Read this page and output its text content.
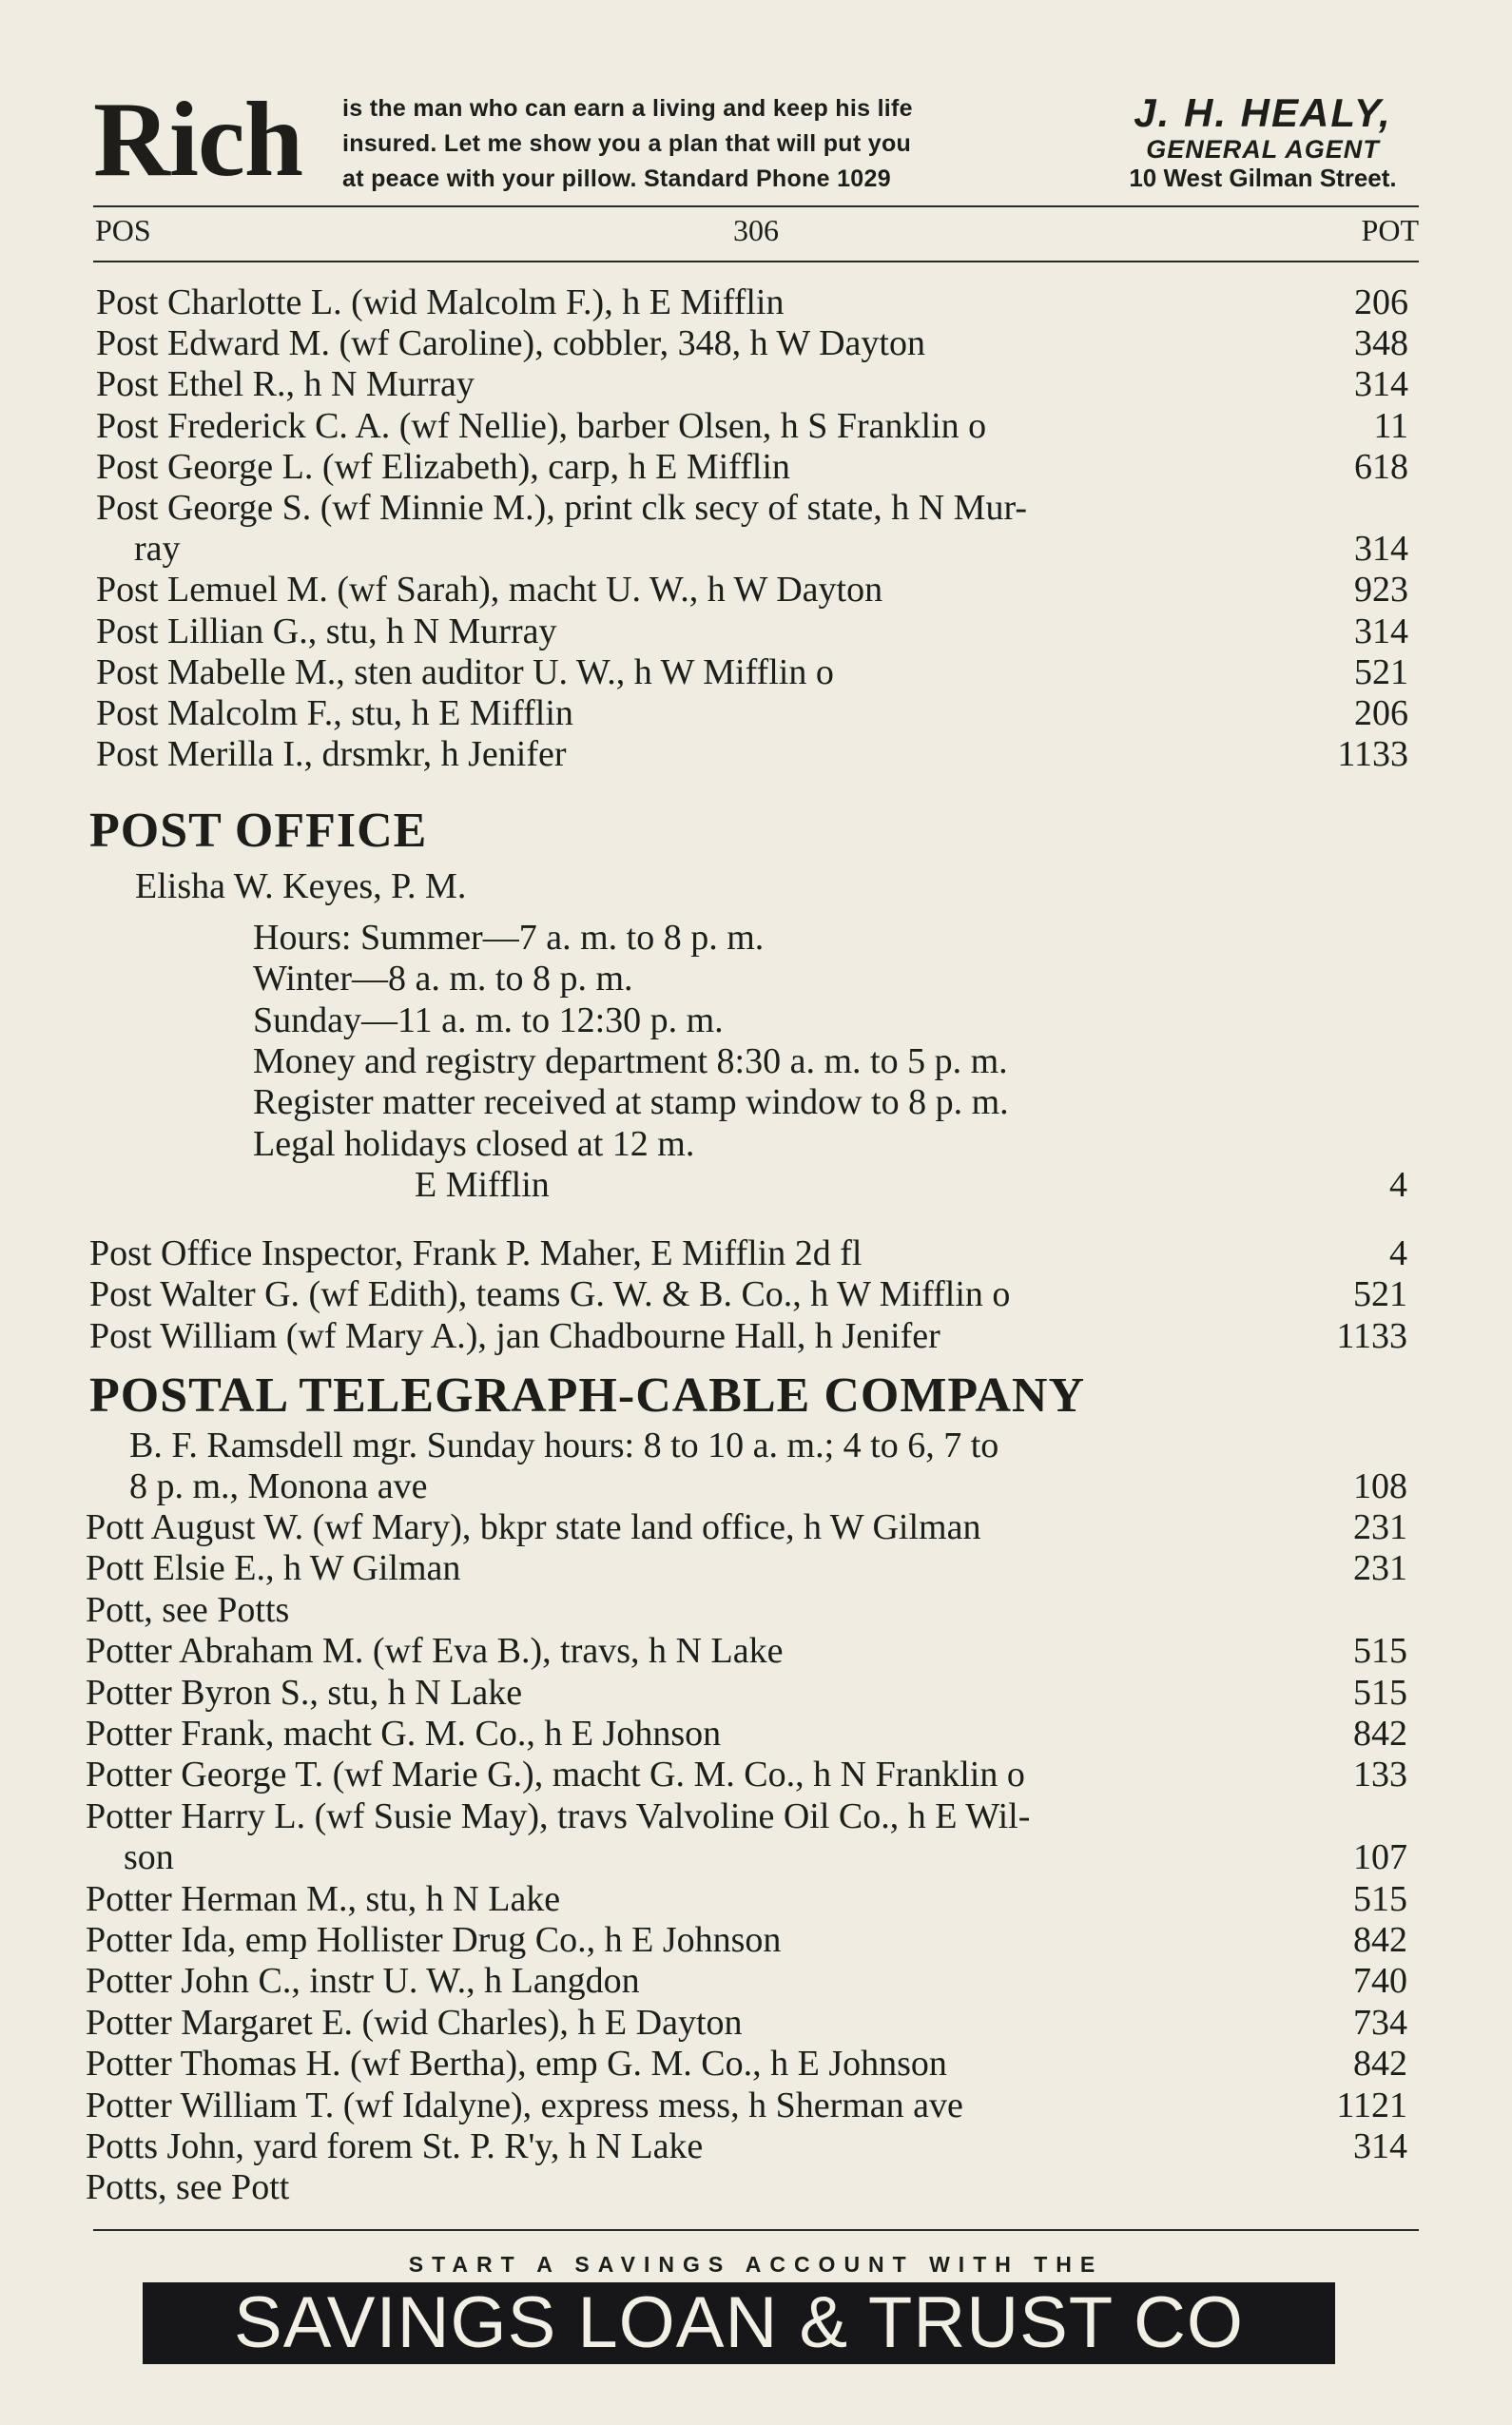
Rich is the man who can earn a living and keep his life
insured. Let me show you a plan that will put you
at peace with your pillow. Standard Phone 1029
J. H. HEALY,
GENERAL AGENT
10 West Gilman Street.
POS	306	POT
Post Charlotte L. (wid Malcolm F.), h E Mifflin	206
Post Edward M. (wf Caroline), cobbler, 348, h W Dayton	348
Post Ethel R., h N Murray	314
Post Frederick C. A. (wf Nellie), barber Olsen, h S Franklin o	11
Post George L. (wf Elizabeth), carp, h E Mifflin	618
Post George S. (wf Minnie M.), print clk secy of state, h N Mur-
ray	314
Post Lemuel M. (wf Sarah), macht U. W., h W Dayton	923
Post Lillian G., stu, h N Murray	314
Post Mabelle M., sten auditor U. W., h W Mifflin o	521
Post Malcolm F., stu, h E Mifflin	206
Post Merilla I., drsmkr, h Jenifer	1133
POST OFFICE
Elisha W. Keyes, P. M.
Hours: Summer—7 a. m. to 8 p. m.
Winter—8 a. m. to 8 p. m.
Sunday—11 a. m. to 12:30 p. m.
Money and registry department 8:30 a. m. to 5 p. m.
Register matter received at stamp window to 8 p. m.
Legal holidays closed at 12 m.
E Mifflin	4
Post Office Inspector, Frank P. Maher, E Mifflin 2d fl	4
Post Walter G. (wf Edith), teams G. W. & B. Co., h W Mifflin o	521
Post William (wf Mary A.), jan Chadbourne Hall, h Jenifer	1133
POSTAL TELEGRAPH-CABLE COMPANY
B. F. Ramsdell mgr. Sunday hours: 8 to 10 a. m.; 4 to 6, 7 to
8 p. m., Monona ave	108
Pott August W. (wf Mary), bkpr state land office, h W Gilman	231
Pott Elsie E., h W Gilman	231
Pott, see Potts
Potter Abraham M. (wf Eva B.), travs, h N Lake	515
Potter Byron S., stu, h N Lake	515
Potter Frank, macht G. M. Co., h E Johnson	842
Potter George T. (wf Marie G.), macht G. M. Co., h N Franklin o	133
Potter Harry L. (wf Susie May), travs Valvoline Oil Co., h E Wil-
son	107
Potter Herman M., stu, h N Lake	515
Potter Ida, emp Hollister Drug Co., h E Johnson	842
Potter John C., instr U. W., h Langdon	740
Potter Margaret E. (wid Charles), h E Dayton	734
Potter Thomas H. (wf Bertha), emp G. M. Co., h E Johnson	842
Potter William T. (wf Idalyne), express mess, h Sherman ave	1121
Potts John, yard forem St. P. R'y, h N Lake	314
Potts, see Pott
START A SAVINGS ACCOUNT WITH THE
SAVINGS LOAN & TRUST CO
